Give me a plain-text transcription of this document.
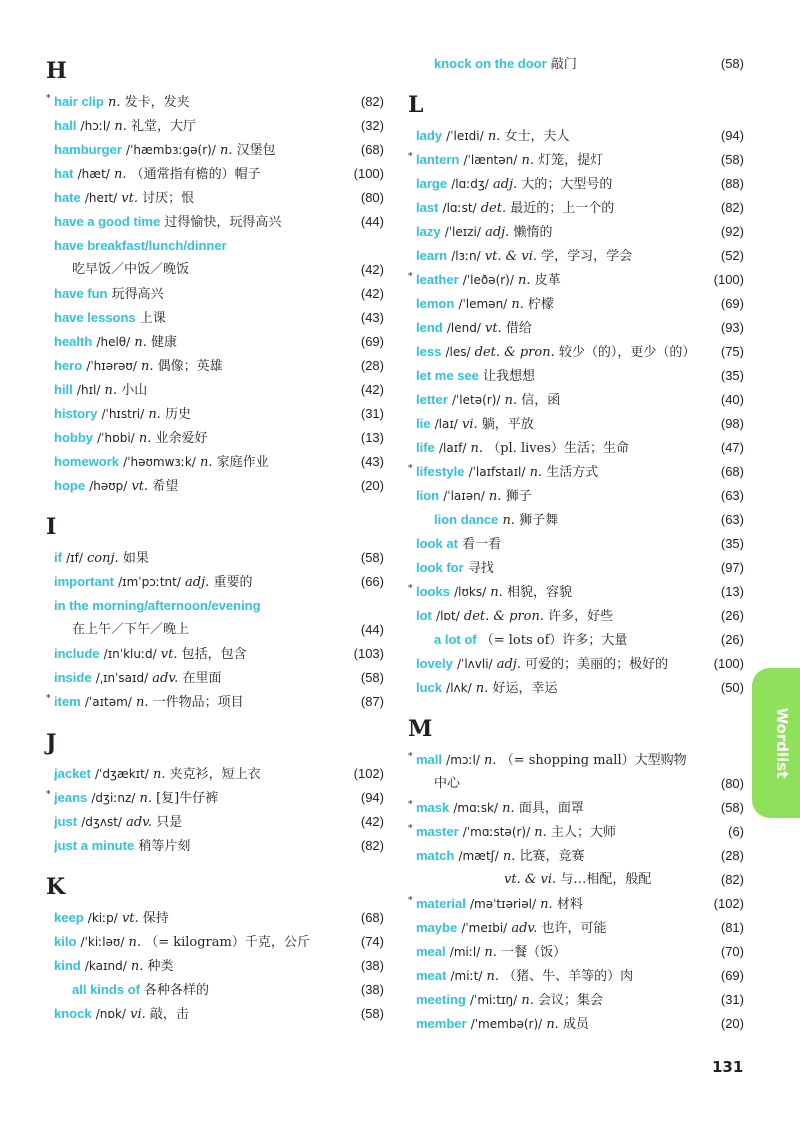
H
* hair clip n. 发卡，发夹	(82)
hall /hɔːl/ n. 礼堂，大厅	(32)
hamburger /ˈhæmbɜːɡə(r)/ n. 汉堡包	(68)
hat /hæt/ n. （通常指有檐的）帽子	(100)
hate /heɪt/ vt. 讨厌；恨	(80)
have a good time 过得愉快，玩得高兴	(44)
have breakfast/lunch/dinner
吃早饭／中饭／晚饭	(42)
have fun 玩得高兴	(42)
have lessons 上课	(43)
health /helθ/ n. 健康	(69)
hero /ˈhɪərəʊ/ n. 偶像；英雄	(28)
hill /hɪl/ n. 小山	(42)
history /ˈhɪstri/ n. 历史	(31)
hobby /ˈhɒbi/ n. 业余爱好	(13)
homework /ˈhəʊmwɜːk/ n. 家庭作业	(43)
hope /həʊp/ vt. 希望	(20)
I
if /ɪf/ conj. 如果	(58)
important /ɪmˈpɔːtnt/ adj. 重要的	(66)
in the morning/afternoon/evening
在上午／下午／晚上	(44)
include /ɪnˈkluːd/ vt. 包括，包含	(103)
inside /ˌɪnˈsaɪd/ adv. 在里面	(58)
* item /ˈaɪtəm/ n. 一件物品；项目	(87)
J
jacket /ˈdʒækɪt/ n. 夹克衫，短上衣	(102)
* jeans /dʒiːnz/ n. [复]牛仔裤	(94)
just /dʒʌst/ adv. 只是	(42)
just a minute 稍等片刻	(82)
K
keep /kiːp/ vt. 保持	(68)
kilo /ˈkiːləʊ/ n. （= kilogram）千克，公斤	(74)
kind /kaɪnd/ n. 种类	(38)
all kinds of 各种各样的	(38)
knock /nɒk/ vi. 敲，击	(58)
knock on the door 敲门	(58)
L
lady /ˈleɪdi/ n. 女士，夫人	(94)
* lantern /ˈlæntən/ n. 灯笼，提灯	(58)
large /lɑːdʒ/ adj. 大的；大型号的	(88)
last /lɑːst/ det. 最近的；上一个的	(82)
lazy /ˈleɪzi/ adj. 懒惰的	(92)
learn /lɜːn/ vt. & vi. 学，学习，学会	(52)
* leather /ˈleðə(r)/ n. 皮革	(100)
lemon /ˈlemən/ n. 柠檬	(69)
lend /lend/ vt. 借给	(93)
less /les/ det. & pron. 较少（的），更少（的）	(75)
let me see 让我想想	(35)
letter /ˈletə(r)/ n. 信，函	(40)
lie /laɪ/ vi. 躺，平放	(98)
life /laɪf/ n. （pl. lives）生活；生命	(47)
* lifestyle /ˈlaɪfstaɪl/ n. 生活方式	(68)
lion /ˈlaɪən/ n. 狮子	(63)
lion dance n. 狮子舞	(63)
look at 看一看	(35)
look for 寻找	(97)
* looks /lʊks/ n. 相貌，容貌	(13)
lot /lɒt/ det. & pron. 许多，好些	(26)
a lot of （= lots of）许多；大量	(26)
lovely /ˈlʌvli/ adj. 可爱的；美丽的；极好的	(100)
luck /lʌk/ n. 好运，幸运	(50)
M
* mall /mɔːl/ n. （= shopping mall）大型购物
中心	(80)
* mask /mɑːsk/ n. 面具，面罩	(58)
* master /ˈmɑːstə(r)/ n. 主人；大师	(6)
match /mætʃ/ n. 比赛，竞赛	(28)
vt. & vi. 与…相配，般配	(82)
* material /məˈtɪəriəl/ n. 材料	(102)
maybe /ˈmeɪbi/ adv. 也许，可能	(81)
meal /miːl/ n. 一餐（饭）	(70)
meat /miːt/ n. （猪、牛、羊等的）肉	(69)
meeting /ˈmiːtɪŋ/ n. 会议；集会	(31)
member /ˈmembə(r)/ n. 成员	(20)
Wordlist
131
